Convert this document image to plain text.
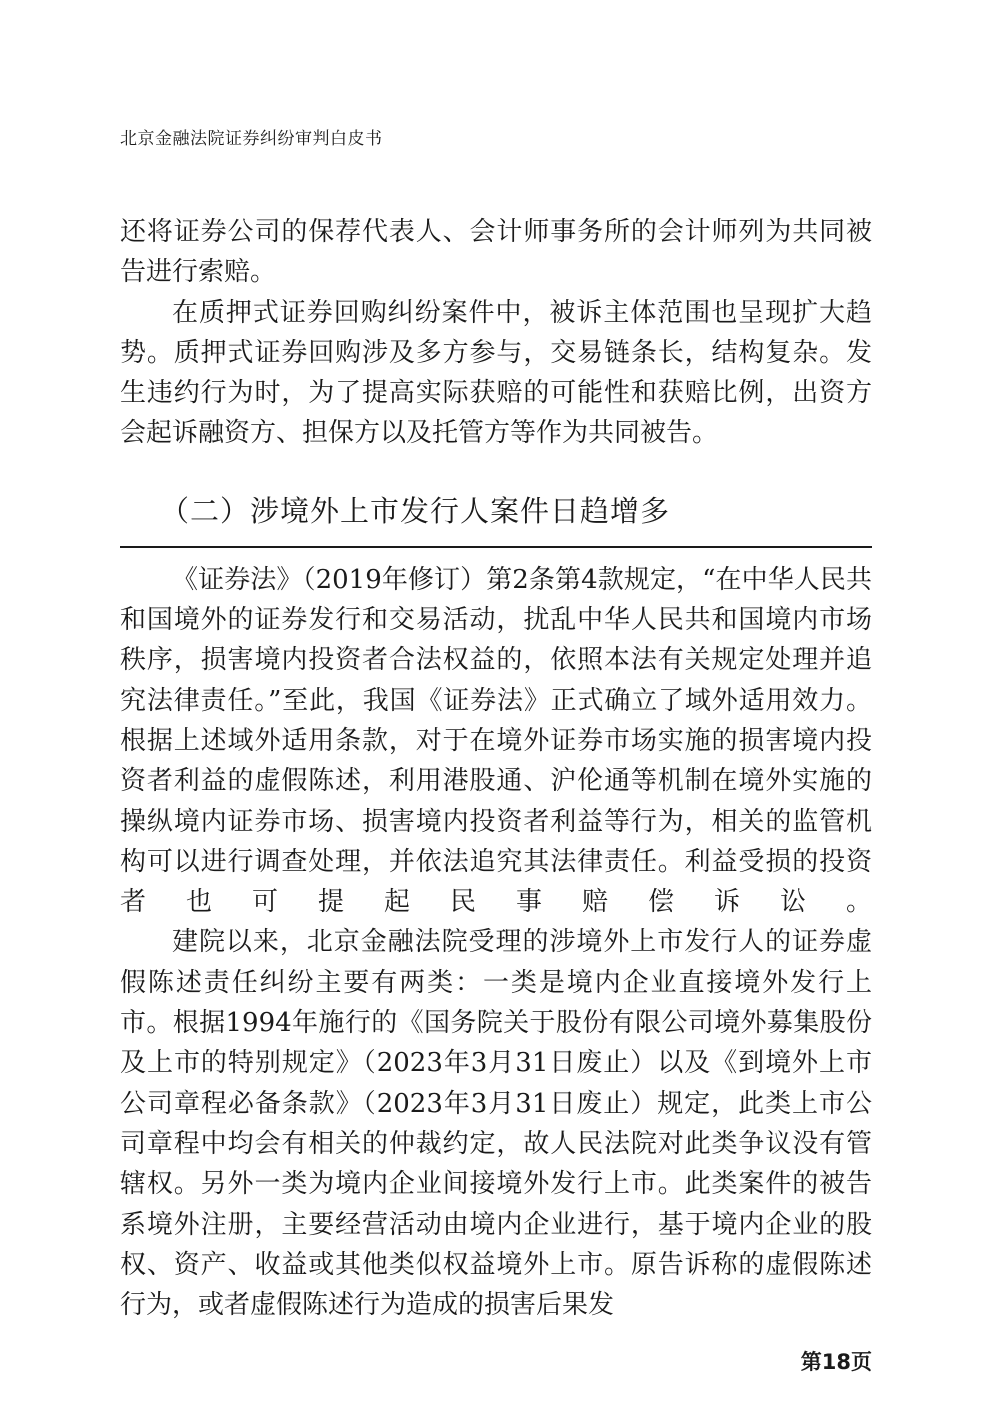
北京金融法院证券纠纷审判白皮书

还将证券公司的保荐代表人、会计师事务所的会计师列为共同被告进行索赔。

在质押式证券回购纠纷案件中，被诉主体范围也呈现扩大趋势。质押式证券回购涉及多方参与，交易链条长，结构复杂。发生违约行为时，为了提高实际获赔的可能性和获赔比例，出资方会起诉融资方、担保方以及托管方等作为共同被告。

（二）涉境外上市发行人案件日趋增多

《证券法》（2019年修订）第2条第4款规定，“在中华人民共和国境外的证券发行和交易活动，扰乱中华人民共和国境内市场秩序，损害境内投资者合法权益的，依照本法有关规定处理并追究法律责任。”至此，我国《证券法》正式确立了域外适用效力。根据上述域外适用条款，对于在境外证券市场实施的损害境内投资者利益的虚假陈述，利用港股通、沪伦通等机制在境外实施的操纵境内证券市场、损害境内投资者利益等行为，相关的监管机构可以进行调查处理，并依法追究其法律责任。利益受损的投资者也可提起民事赔偿诉讼。

建院以来，北京金融法院受理的涉境外上市发行人的证券虚假陈述责任纠纷主要有两类：一类是境内企业直接境外发行上市。根据1994年施行的《国务院关于股份有限公司境外募集股份及上市的特别规定》（2023年3月31日废止）以及《到境外上市公司章程必备条款》（2023年3月31日废止）规定，此类上市公司章程中均会有相关的仲裁约定，故人民法院对此类争议没有管辖权。另外一类为境内企业间接境外发行上市。此类案件的被告系境外注册，主要经营活动由境内企业进行，基于境内企业的股权、资产、收益或其他类似权益境外上市。原告诉称的虚假陈述行为，或者虚假陈述行为造成的损害后果发

第18页
